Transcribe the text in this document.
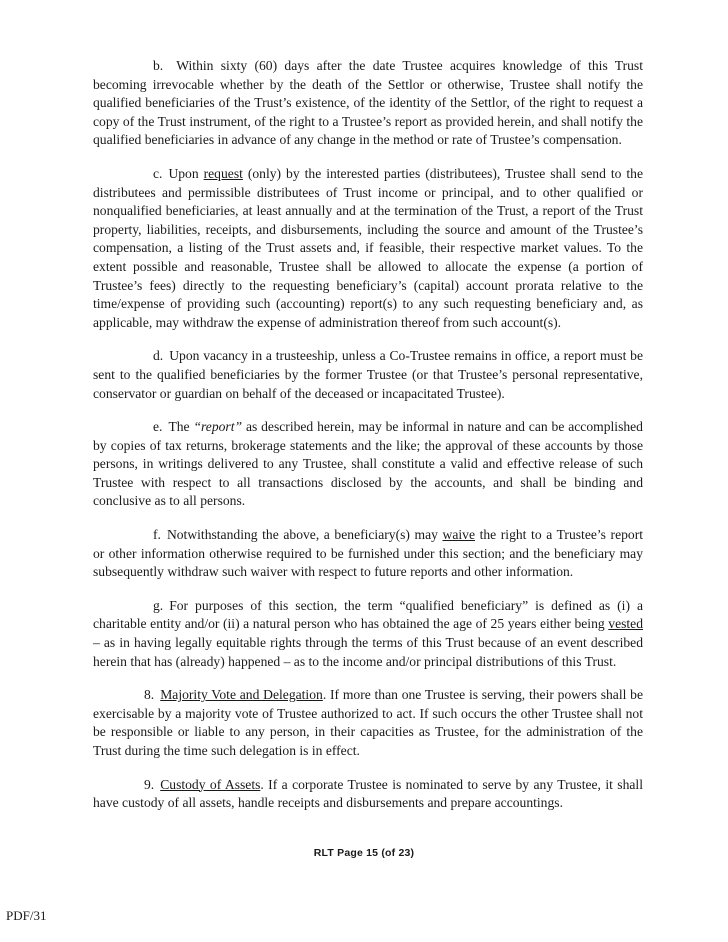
b. Within sixty (60) days after the date Trustee acquires knowledge of this Trust becoming irrevocable whether by the death of the Settlor or otherwise, Trustee shall notify the qualified beneficiaries of the Trust’s existence, of the identity of the Settlor, of the right to request a copy of the Trust instrument, of the right to a Trustee’s report as provided herein, and shall notify the qualified beneficiaries in advance of any change in the method or rate of Trustee’s compensation.

c. Upon request (only) by the interested parties (distributees), Trustee shall send to the distributees and permissible distributees of Trust income or principal, and to other qualified or nonqualified beneficiaries, at least annually and at the termination of the Trust, a report of the Trust property, liabilities, receipts, and disbursements, including the source and amount of the Trustee’s compensation, a listing of the Trust assets and, if feasible, their respective market values. To the extent possible and reasonable, Trustee shall be allowed to allocate the expense (a portion of Trustee’s fees) directly to the requesting beneficiary’s (capital) account prorata relative to the time/expense of providing such (accounting) report(s) to any such requesting beneficiary and, as applicable, may withdraw the expense of administration thereof from such account(s).

d. Upon vacancy in a trusteeship, unless a Co-Trustee remains in office, a report must be sent to the qualified beneficiaries by the former Trustee (or that Trustee’s personal representative, conservator or guardian on behalf of the deceased or incapacitated Trustee).

e. The “report” as described herein, may be informal in nature and can be accomplished by copies of tax returns, brokerage statements and the like; the approval of these accounts by those persons, in writings delivered to any Trustee, shall constitute a valid and effective release of such Trustee with respect to all transactions disclosed by the accounts, and shall be binding and conclusive as to all persons.

f. Notwithstanding the above, a beneficiary(s) may waive the right to a Trustee’s report or other information otherwise required to be furnished under this section; and the beneficiary may subsequently withdraw such waiver with respect to future reports and other information.

g. For purposes of this section, the term “qualified beneficiary” is defined as (i) a charitable entity and/or (ii) a natural person who has obtained the age of 25 years either being vested – as in having legally equitable rights through the terms of this Trust because of an event described herein that has (already) happened – as to the income and/or principal distributions of this Trust.

8. Majority Vote and Delegation. If more than one Trustee is serving, their powers shall be exercisable by a majority vote of Trustee authorized to act. If such occurs the other Trustee shall not be responsible or liable to any person, in their capacities as Trustee, for the administration of the Trust during the time such delegation is in effect.

9. Custody of Assets. If a corporate Trustee is nominated to serve by any Trustee, it shall have custody of all assets, handle receipts and disbursements and prepare accountings.

RLT Page 15 (of 23)
PDF/31
